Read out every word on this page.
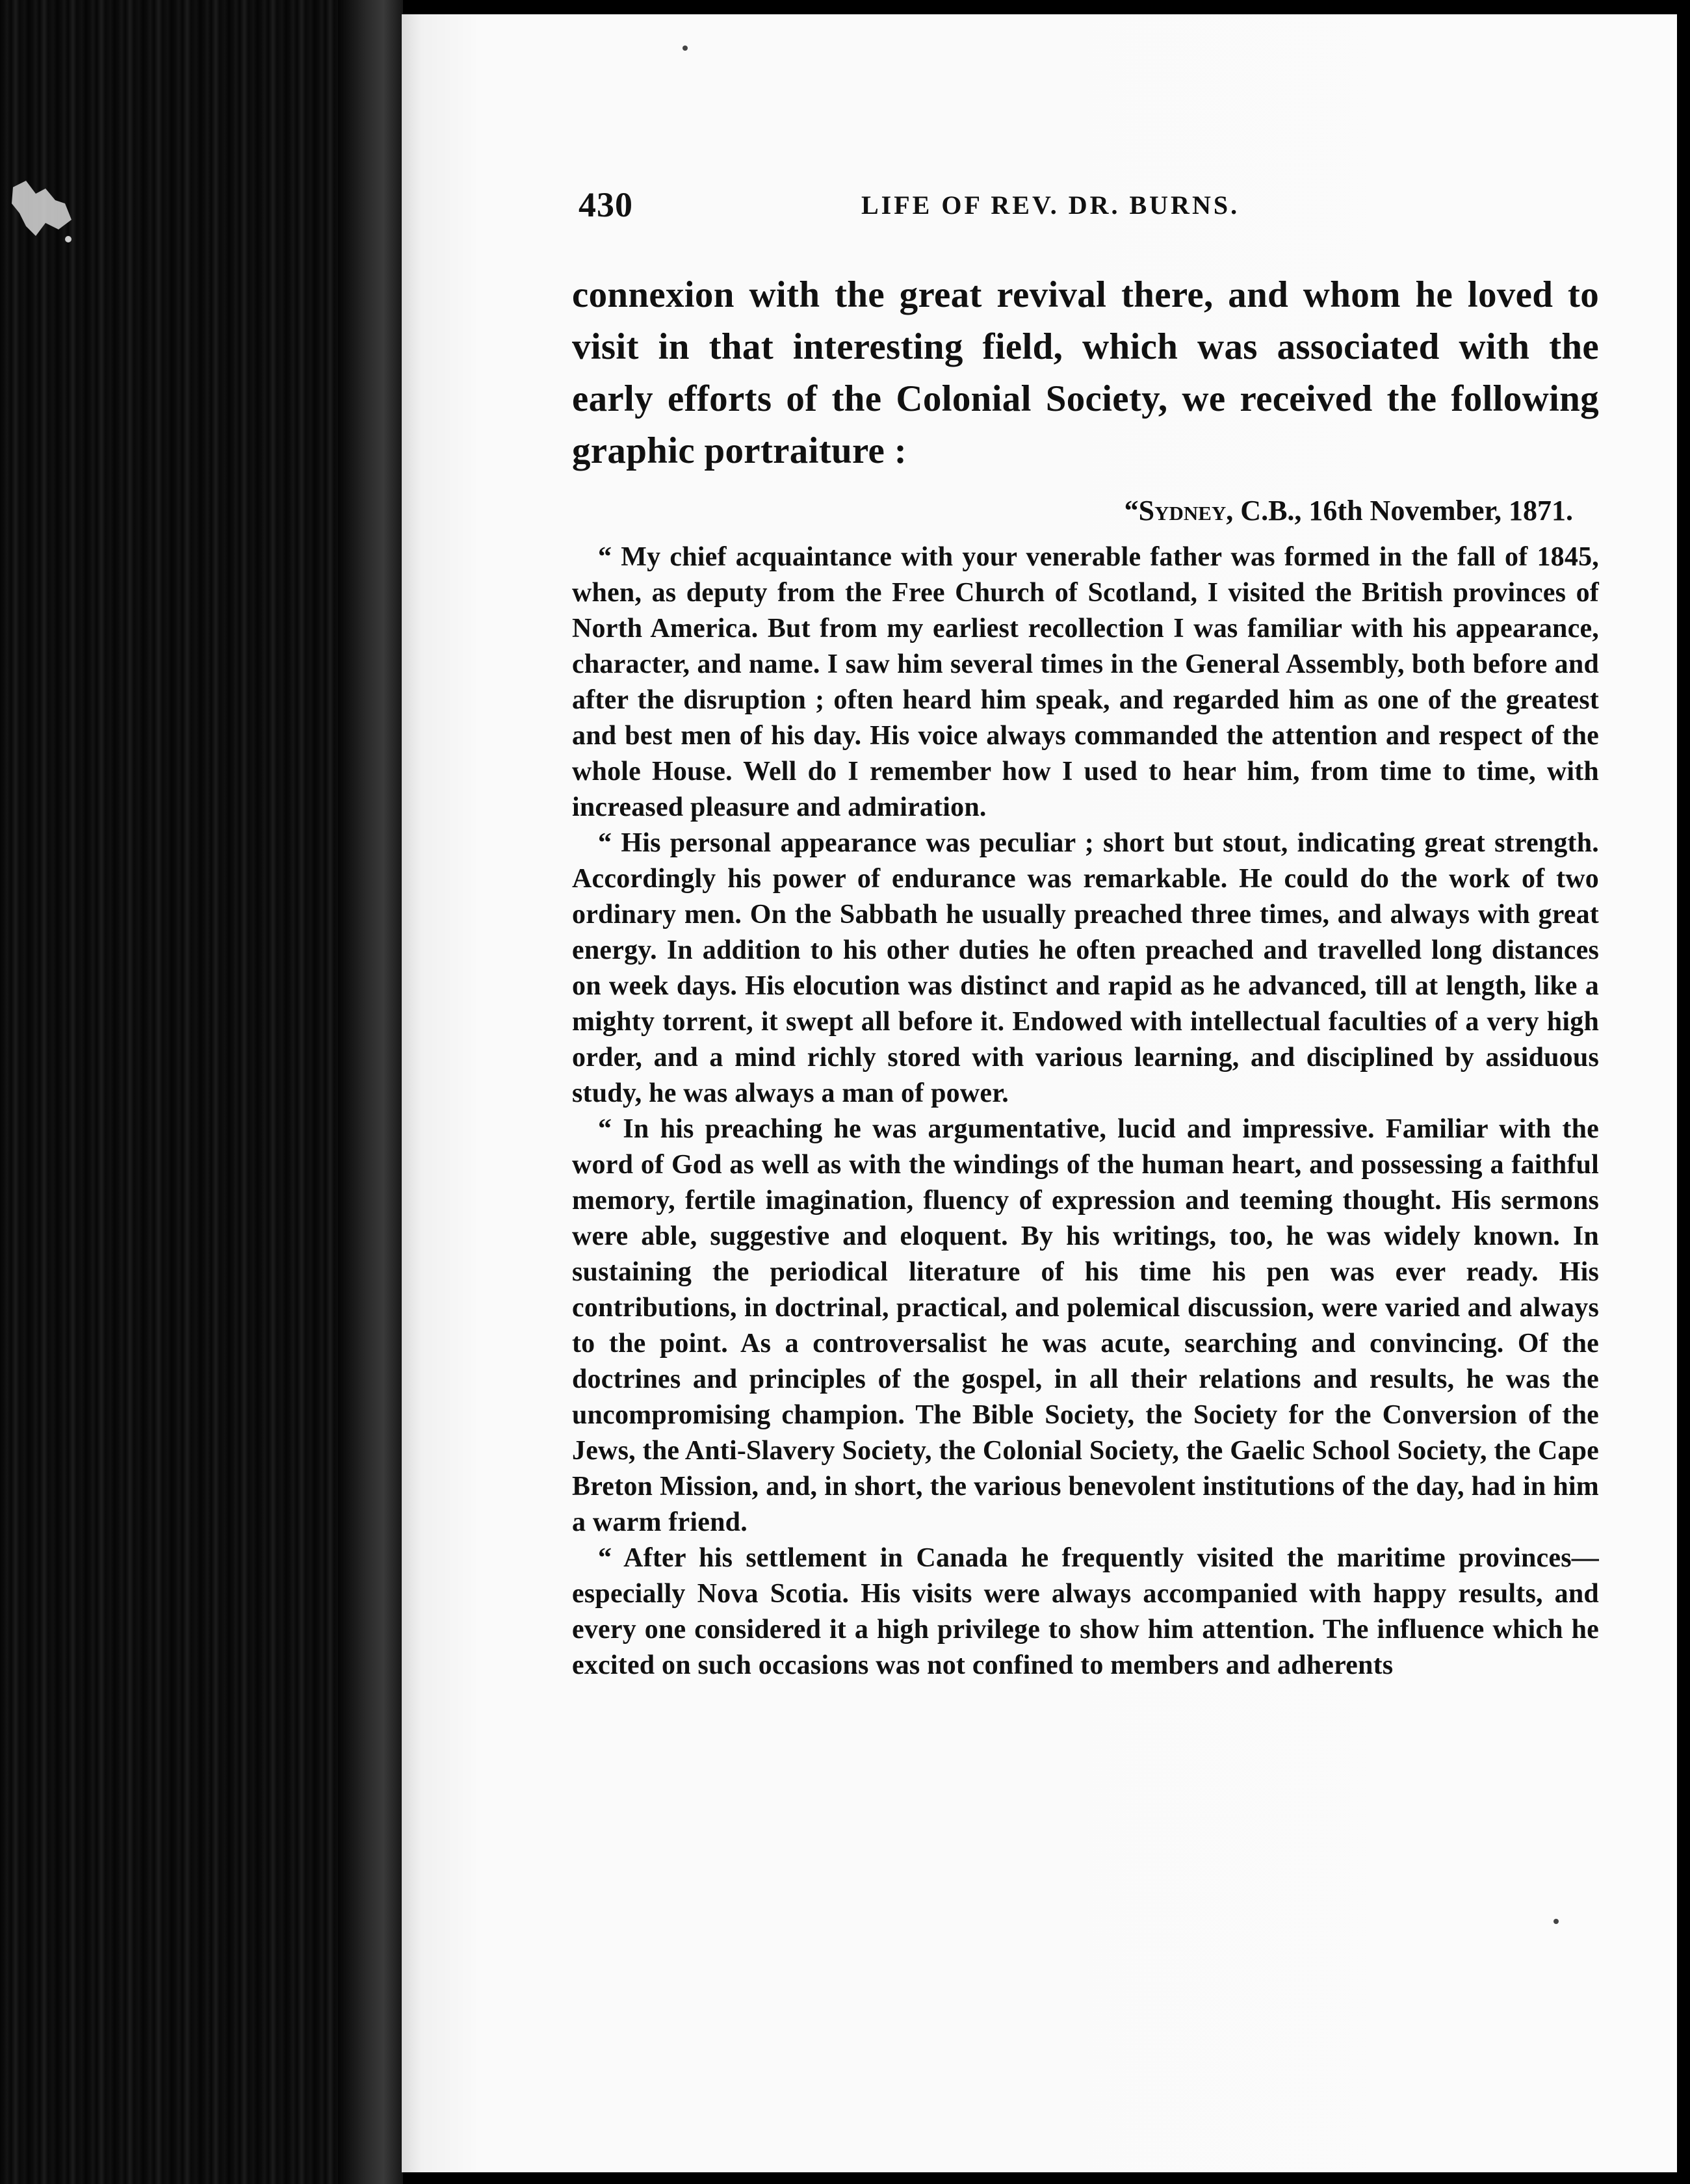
430	LIFE OF REV. DR. BURNS.

connexion with the great revival there, and whom he loved to visit in that interesting field, which was associated with the early efforts of the Colonial Society, we received the following graphic portraiture :

“Sydney, C.B., 16th November, 1871.

“ My chief acquaintance with your venerable father was formed in the fall of 1845, when, as deputy from the Free Church of Scotland, I visited the British provinces of North America. But from my earliest recollection I was familiar with his appearance, character, and name. I saw him several times in the General Assembly, both before and after the disruption ; often heard him speak, and regarded him as one of the greatest and best men of his day. His voice always commanded the attention and respect of the whole House. Well do I remember how I used to hear him, from time to time, with increased pleasure and admiration.

“ His personal appearance was peculiar ; short but stout, indicating great strength. Accordingly his power of endurance was remarkable. He could do the work of two ordinary men. On the Sabbath he usually preached three times, and always with great energy. In addition to his other duties he often preached and travelled long distances on week days. His elocution was distinct and rapid as he advanced, till at length, like a mighty torrent, it swept all before it. Endowed with intellectual faculties of a very high order, and a mind richly stored with various learning, and disciplined by assiduous study, he was always a man of power.

“ In his preaching he was argumentative, lucid and impressive. Familiar with the word of God as well as with the windings of the human heart, and possessing a faithful memory, fertile imagination, fluency of expression and teeming thought. His sermons were able, suggestive and eloquent. By his writings, too, he was widely known. In sustaining the periodical literature of his time his pen was ever ready. His contributions, in doctrinal, practical, and polemical discussion, were varied and always to the point. As a controversalist he was acute, searching and convincing. Of the doctrines and principles of the gospel, in all their relations and results, he was the uncompromising champion. The Bible Society, the Society for the Conversion of the Jews, the Anti-Slavery Society, the Colonial Society, the Gaelic School Society, the Cape Breton Mission, and, in short, the various benevolent institutions of the day, had in him a warm friend.

“ After his settlement in Canada he frequently visited the maritime provinces—especially Nova Scotia. His visits were always accompanied with happy results, and every one considered it a high privilege to show him attention. The influence which he excited on such occasions was not confined to members and adherents
